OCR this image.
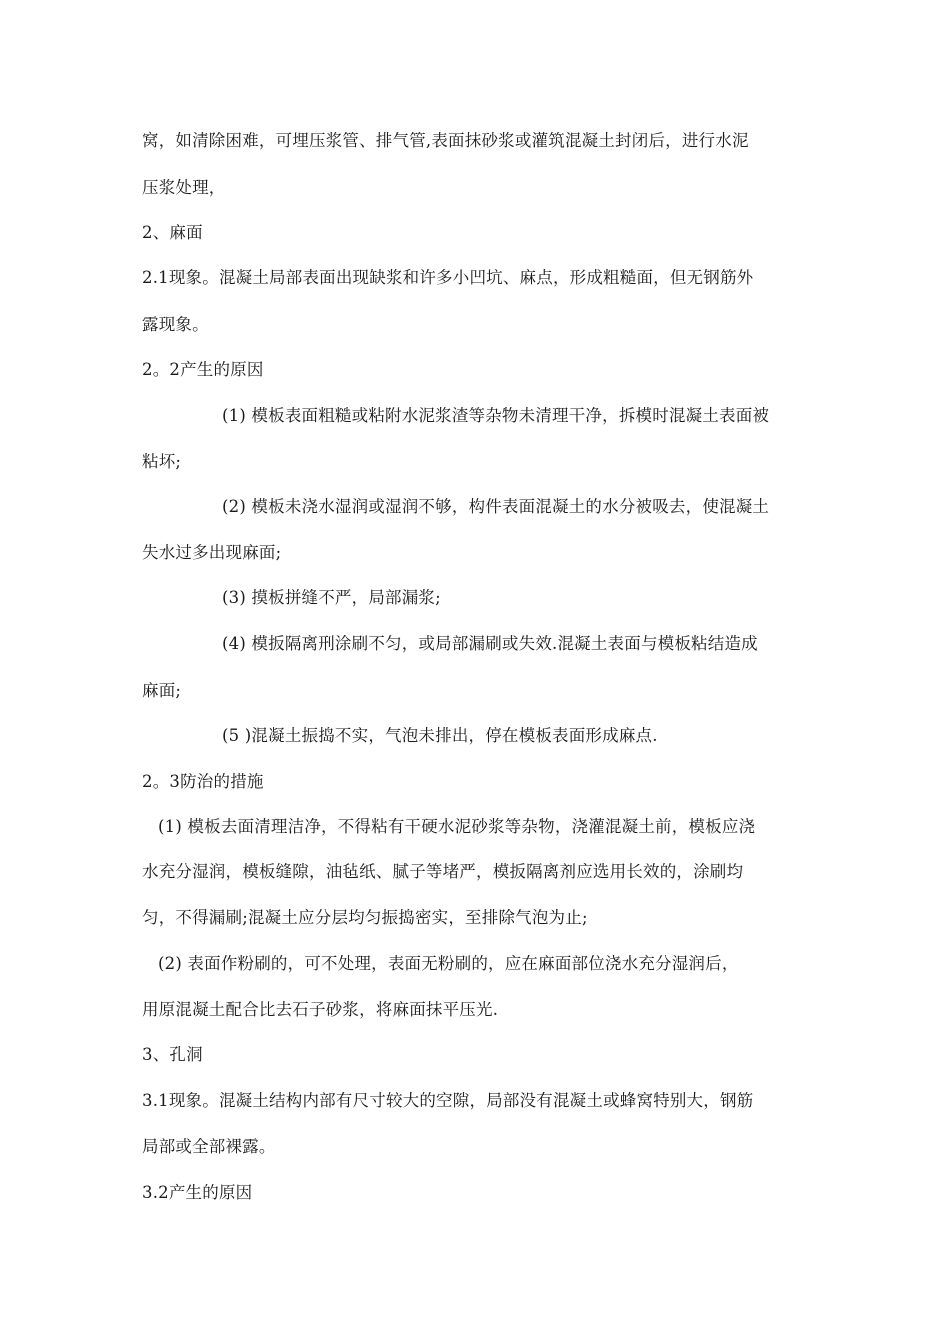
窝，如清除困难，可埋压浆管、排气管,表面抹砂浆或灌筑混凝土封闭后，进行水泥
压浆处理，
2、麻面
2.1现象。混凝土局部表面出现缺浆和许多小凹坑、麻点，形成粗糙面，但无钢筋外
露现象。
2。2产生的原因
(1) 模板表面粗糙或粘附水泥浆渣等杂物未清理干净，拆模时混凝土表面被
粘坏;
(2) 模板未浇水湿润或湿润不够，构件表面混凝土的水分被吸去，使混凝土
失水过多出现麻面;
(3) 摸板拼缝不严，局部漏浆;
(4) 模扳隔离刑涂刷不匀，或局部漏刷或失效.混凝土表面与模板粘结造成
麻面;
(5 )混凝土振捣不实，气泡未排出，停在模板表面形成麻点.
2。3防治的措施
(1) 模板去面清理洁净，不得粘有干硬水泥砂浆等杂物，浇灌混凝土前，模板应浇
水充分湿润，模板缝隙，油毡纸、腻子等堵严，模扳隔离剂应选用长效的，涂刷均
匀，不得漏刷;混凝土应分层均匀振捣密实，至排除气泡为止;
(2) 表面作粉刷的，可不处理，表面无粉刷的，应在麻面部位浇水充分湿润后，
用原混凝土配合比去石子砂浆，将麻面抹平压光.
3、孔洞
3.1现象。混凝土结构内部有尺寸较大的空隙，局部没有混凝土或蜂窝特别大，钢筋
局部或全部裸露。
3.2产生的原因
